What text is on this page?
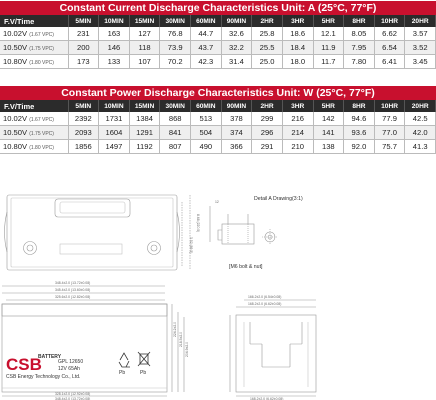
Constant Current Discharge Characteristics Unit: A (25°C, 77°F)
F.V/Time	5MIN	10MIN	15MIN	30MIN	60MIN	90MIN	2HR	3HR	5HR	8HR	10HR	20HR
10.02V (1.67 VPC)	231	163	127	76.8	44.7	32.6	25.8	18.6	12.1	8.05	6.62	3.57
10.50V (1.75 VPC)	200	146	118	73.9	43.7	32.2	25.5	18.4	11.9	7.95	6.54	3.52
10.80V (1.80 VPC)	173	133	107	70.2	42.3	31.4	25.0	18.0	11.7	7.80	6.41	3.45
Constant Power Discharge Characteristics Unit: W (25°C, 77°F)
F.V/Time	5MIN	10MIN	15MIN	30MIN	60MIN	90MIN	2HR	3HR	5HR	8HR	10HR	20HR
10.02V (1.67 VPC)	2392	1731	1384	868	513	378	299	216	142	94.6	77.9	42.5
10.50V (1.75 VPC)	2093	1604	1291	841	504	374	296	214	141	93.6	77.0	42.0
10.80V (1.80 VPC)	1856	1497	1192	807	490	366	291	210	138	92.0	75.7	41.3
12	Detail A Drawing(3:1)
[M6 bolt & nut]
3.52 (89.5)
8.68 (220.5)
348.4±2.0 (13.72±0.08)
345.4±2.0 (13.60±0.08)
325.6±2.0 (12.82±0.08)
328.1±2.0 (12.92±0.08)
348.4±2.0 (13.72±0.08)
224.2±2.0
218.5±2.0
204.9±2.0
166.2±2.0 (6.54±0.08)
168.2±2.0 (6.62±0.08)
168.2±2.0 (6.62±0.08)
CSB
BATTERY
GPL 12650
12V 65Ah
CSB Energy Technology Co., Ltd.
Pb	Pb
